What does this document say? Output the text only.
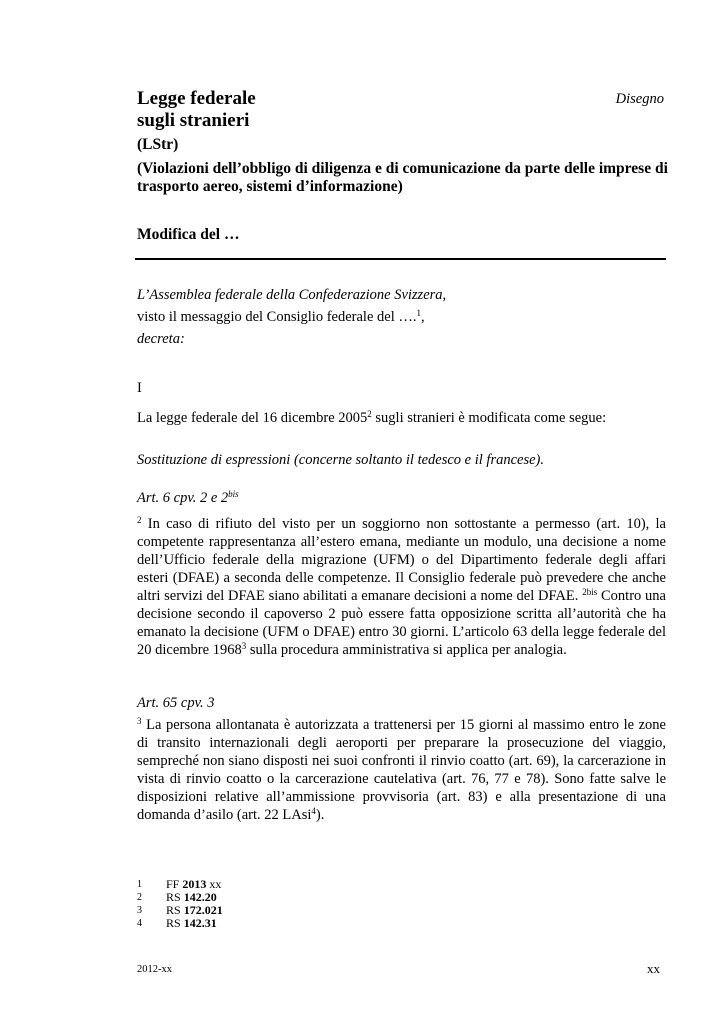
Legge federale
sugli stranieri
Disegno
(LStr)
(Violazioni dell’obbligo di diligenza e di comunicazione da parte delle imprese di trasporto aereo, sistemi d’informazione)
Modifica del …
L’Assemblea federale della Confederazione Svizzera,
visto il messaggio del Consiglio federale del ….$^1$,
decreta:
I
La legge federale del 16 dicembre 2005$^2$ sugli stranieri è modificata come segue:
Sostituzione di espressioni (concerne soltanto il tedesco e il francese).
Art. 6 cpv. 2 e $2^{bis}$
$^2$ In caso di rifiuto del visto per un soggiorno non sottostante a permesso (art. 10), la competente rappresentanza all’estero emana, mediante un modulo, una decisione a nome dell’Ufficio federale della migrazione (UFM) o del Dipartimento federale degli affari esteri (DFAE) a seconda delle competenze. Il Consiglio federale può prevedere che anche altri servizi del DFAE siano abilitati a emanare decisioni a nome del DFAE. $^{2bis}$ Contro una decisione secondo il capoverso 2 può essere fatta opposizione scritta all’autorità che ha emanato la decisione (UFM o DFAE) entro 30 giorni. L’articolo 63 della legge federale del 20 dicembre 1968$^3$ sulla procedura amministrativa si applica per analogia.
Art. 65 cpv. 3
$^3$ La persona allontanata è autorizzata a trattenersi per 15 giorni al massimo entro le zone di transito internazionali degli aeroporti per preparare la prosecuzione del viaggio, sempreché non siano disposti nei suoi confronti il rinvio coatto (art. 69), la carcerazione in vista di rinvio coatto o la carcerazione cautelativa (art. 76, 77 e 78). Sono fatte salve le disposizioni relative all’ammissione provvisoria (art. 83) e alla presentazione di una domanda d’asilo (art. 22 LAsi$^4$).
1 FF 2013 xx
2 RS 142.20
3 RS 172.021
4 RS 142.31
2012-xx	xx
